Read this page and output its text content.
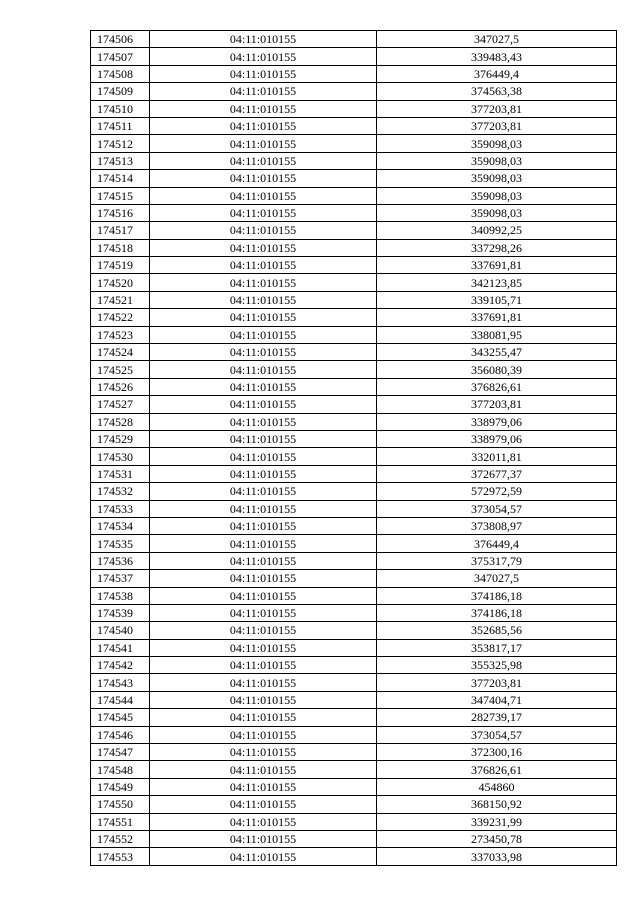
174506	04:11:010155	347027,5
174507	04:11:010155	339483,43
174508	04:11:010155	376449,4
174509	04:11:010155	374563,38
174510	04:11:010155	377203,81
174511	04:11:010155	377203,81
174512	04:11:010155	359098,03
174513	04:11:010155	359098,03
174514	04:11:010155	359098,03
174515	04:11:010155	359098,03
174516	04:11:010155	359098,03
174517	04:11:010155	340992,25
174518	04:11:010155	337298,26
174519	04:11:010155	337691,81
174520	04:11:010155	342123,85
174521	04:11:010155	339105,71
174522	04:11:010155	337691,81
174523	04:11:010155	338081,95
174524	04:11:010155	343255,47
174525	04:11:010155	356080,39
174526	04:11:010155	376826,61
174527	04:11:010155	377203,81
174528	04:11:010155	338979,06
174529	04:11:010155	338979,06
174530	04:11:010155	332011,81
174531	04:11:010155	372677,37
174532	04:11:010155	572972,59
174533	04:11:010155	373054,57
174534	04:11:010155	373808,97
174535	04:11:010155	376449,4
174536	04:11:010155	375317,79
174537	04:11:010155	347027,5
174538	04:11:010155	374186,18
174539	04:11:010155	374186,18
174540	04:11:010155	352685,56
174541	04:11:010155	353817,17
174542	04:11:010155	355325,98
174543	04:11:010155	377203,81
174544	04:11:010155	347404,71
174545	04:11:010155	282739,17
174546	04:11:010155	373054,57
174547	04:11:010155	372300,16
174548	04:11:010155	376826,61
174549	04:11:010155	454860
174550	04:11:010155	368150,92
174551	04:11:010155	339231,99
174552	04:11:010155	273450,78
174553	04:11:010155	337033,98
